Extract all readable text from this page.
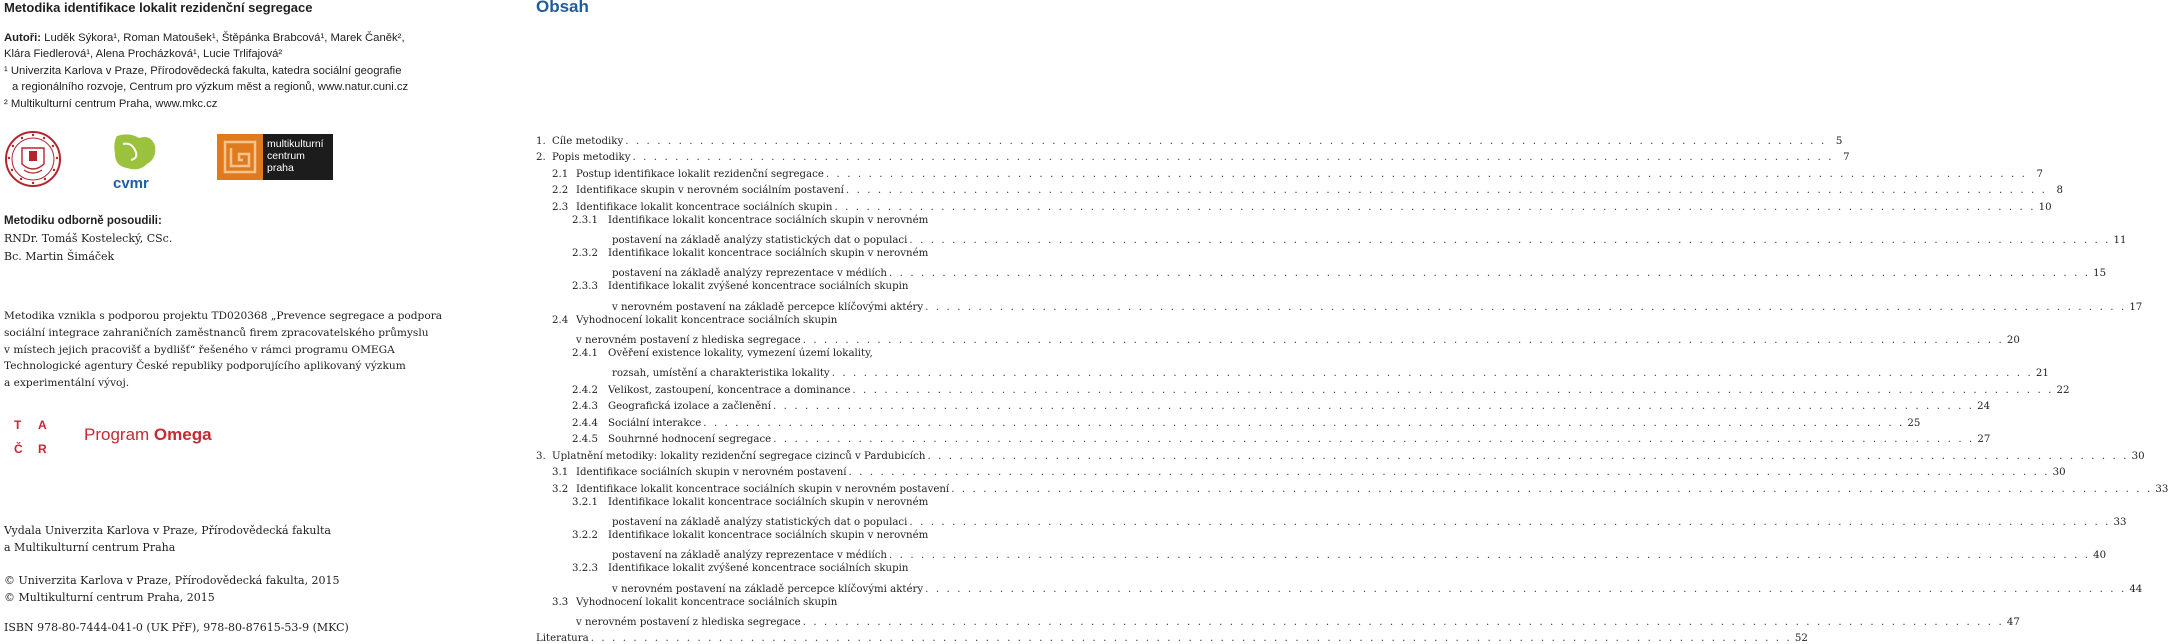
Metodika identifikace lokalit rezidenční segregace
Autoři: Luděk Sýkora¹, Roman Matoušek¹, Štěpánka Brabcová¹, Marek Čaněk²,
Klára Fiedlerová¹, Alena Procházková¹, Lucie Trlifajová²
¹ Univerzita Karlova v Praze, Přírodovědecká fakulta, katedra sociální geografie
a regionálního rozvoje, Centrum pro výzkum měst a regionů, www.natur.cuni.cz
² Multikulturní centrum Praha, www.mkc.cz
cvmr
multikulturní
centrum
praha
Metodiku odborně posoudili:
RNDr. Tomáš Kostelecký, CSc.
Bc. Martin Šimáček
Metodika vznikla s podporou projektu TD020368 „Prevence segregace a podpora
sociální integrace zahraničních zaměstnanců firem zpracovatelského průmyslu
v místech jejich pracovišť a bydlišť“ řešeného v rámci programu OMEGA
Technologické agentury České republiky podporujícího aplikovaný výzkum
a experimentální vývoj.
T A
Č R
Program Omega
Vydala Univerzita Karlova v Praze, Přírodovědecká fakulta
a Multikulturní centrum Praha
© Univerzita Karlova v Praze, Přírodovědecká fakulta, 2015
© Multikulturní centrum Praha, 2015
ISBN 978-80-7444-041-0 (UK PřF), 978-80-87615-53-9 (MKC)
Obsah
1. Cíle metodiky . . .	5
2. Popis metodiky . . .	7
2.1 Postup identifikace lokalit rezidenční segregace . . .	7
2.2 Identifikace skupin v nerovném sociálním postavení . . .	8
2.3 Identifikace lokalit koncentrace sociálních skupin . . .	10
2.3.1 Identifikace lokalit koncentrace sociálních skupin v nerovném
postavení na základě analýzy statistických dat o populaci . . .	11
2.3.2 Identifikace lokalit koncentrace sociálních skupin v nerovném
postavení na základě analýzy reprezentace v médiích . . .	15
2.3.3 Identifikace lokalit zvýšené koncentrace sociálních skupin
v nerovném postavení na základě percepce klíčovými aktéry . . .	17
2.4 Vyhodnocení lokalit koncentrace sociálních skupin
v nerovném postavení z hlediska segregace . . .	20
2.4.1 Ověření existence lokality, vymezení území lokality,
rozsah, umístění a charakteristika lokality . . .	21
2.4.2 Velikost, zastoupení, koncentrace a dominance . . .	22
2.4.3 Geografická izolace a začlenění . . .	24
2.4.4 Sociální interakce . . .	25
2.4.5 Souhrnné hodnocení segregace . . .	27
3. Uplatnění metodiky: lokality rezidenční segregace cizinců v Pardubicích . . .	30
3.1 Identifikace sociálních skupin v nerovném postavení . . .	30
3.2 Identifikace lokalit koncentrace sociálních skupin v nerovném postavení . . .	33
3.2.1 Identifikace lokalit koncentrace sociálních skupin v nerovném
postavení na základě analýzy statistických dat o populaci . . .	33
3.2.2 Identifikace lokalit koncentrace sociálních skupin v nerovném
postavení na základě analýzy reprezentace v médiích . . .	40
3.2.3 Identifikace lokalit zvýšené koncentrace sociálních skupin
v nerovném postavení na základě percepce klíčovými aktéry . . .	44
3.3 Vyhodnocení lokalit koncentrace sociálních skupin
v nerovném postavení z hlediska segregace . . .	47
Literatura . . .	52
